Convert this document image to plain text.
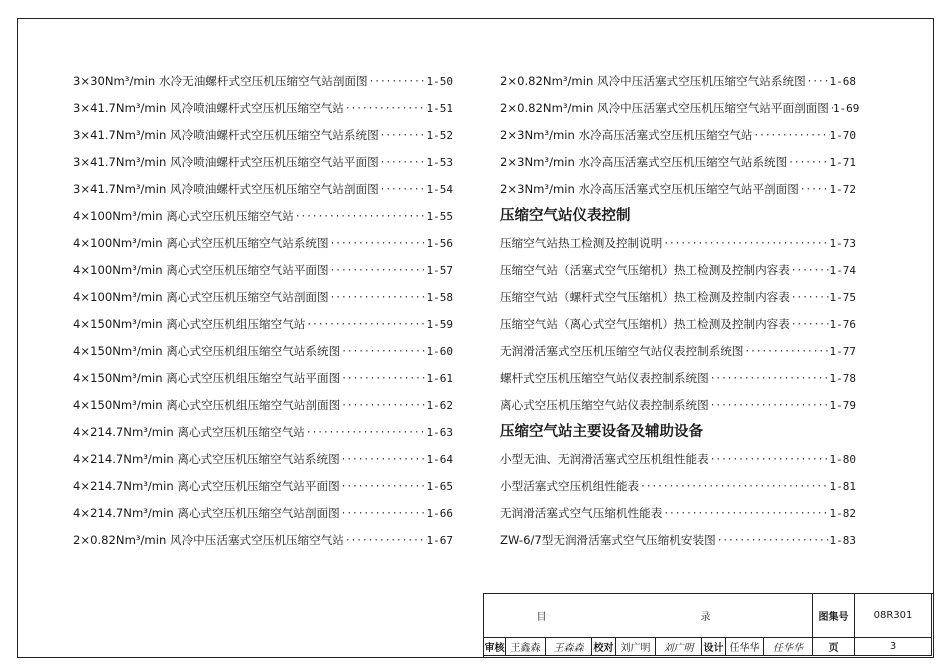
3×30Nm³/min 水冷无油螺杆式空压机压缩空气站剖面图 ·····	1-50
3×41.7Nm³/min 风冷喷油螺杆式空压机压缩空气站 ·····	1-51
3×41.7Nm³/min 风冷喷油螺杆式空压机压缩空气站系统图 ·····	1-52
3×41.7Nm³/min 风冷喷油螺杆式空压机压缩空气站平面图 ·····	1-53
3×41.7Nm³/min 风冷喷油螺杆式空压机压缩空气站剖面图 ·····	1-54
4×100Nm³/min 离心式空压机压缩空气站 ·····	1-55
4×100Nm³/min 离心式空压机压缩空气站系统图 ·····	1-56
4×100Nm³/min 离心式空压机压缩空气站平面图 ·····	1-57
4×100Nm³/min 离心式空压机压缩空气站剖面图 ·····	1-58
4×150Nm³/min 离心式空压机组压缩空气站 ·····	1-59
4×150Nm³/min 离心式空压机组压缩空气站系统图 ·····	1-60
4×150Nm³/min 离心式空压机组压缩空气站平面图 ·····	1-61
4×150Nm³/min 离心式空压机组压缩空气站剖面图 ·····	1-62
4×214.7Nm³/min 离心式空压机压缩空气站 ·····	1-63
4×214.7Nm³/min 离心式空压机压缩空气站系统图 ·····	1-64
4×214.7Nm³/min 离心式空压机压缩空气站平面图 ·····	1-65
4×214.7Nm³/min 离心式空压机压缩空气站剖面图 ·····	1-66
2×0.82Nm³/min 风冷中压活塞式空压机压缩空气站 ·····	1-67
2×0.82Nm³/min 风冷中压活塞式空压机压缩空气站系统图 ····· 1-68
2×0.82Nm³/min 风冷中压活塞式空压机压缩空气站平面剖面图 ····· 1-69
2×3Nm³/min 水冷高压活塞式空压机压缩空气站 ·····	1-70
2×3Nm³/min 水冷高压活塞式空压机压缩空气站系统图 ·····	1-71
2×3Nm³/min 水冷高压活塞式空压机压缩空气站平剖面图 ·····	1-72
压缩空气站仪表控制
压缩空气站热工检测及控制说明 ·····	1-73
压缩空气站（活塞式空气压缩机）热工检测及控制内容表 ·····	1-74
压缩空气站（螺杆式空气压缩机）热工检测及控制内容表 ·····	1-75
压缩空气站（离心式空气压缩机）热工检测及控制内容表 ·····	1-76
无润滑活塞式空压机压缩空气站仪表控制系统图 ·····	1-77
螺杆式空压机压缩空气站仪表控制系统图 ·····	1-78
离心式空压机压缩空气站仪表控制系统图 ·····	1-79
压缩空气站主要设备及辅助设备
小型无油、无润滑活塞式空压机组性能表 ·····	1-80
小型活塞式空压机组性能表 ·····	1-81
无润滑活塞式空气压缩机性能表 ·····	1-82
ZW-6/7型无润滑活塞式空气压缩机安装图 ·····	1-83
目	录	图集号	08R301
审核 王鑫森	王森森	校对 刘广明	刘广明	设计 任华华	任华华	页	3
